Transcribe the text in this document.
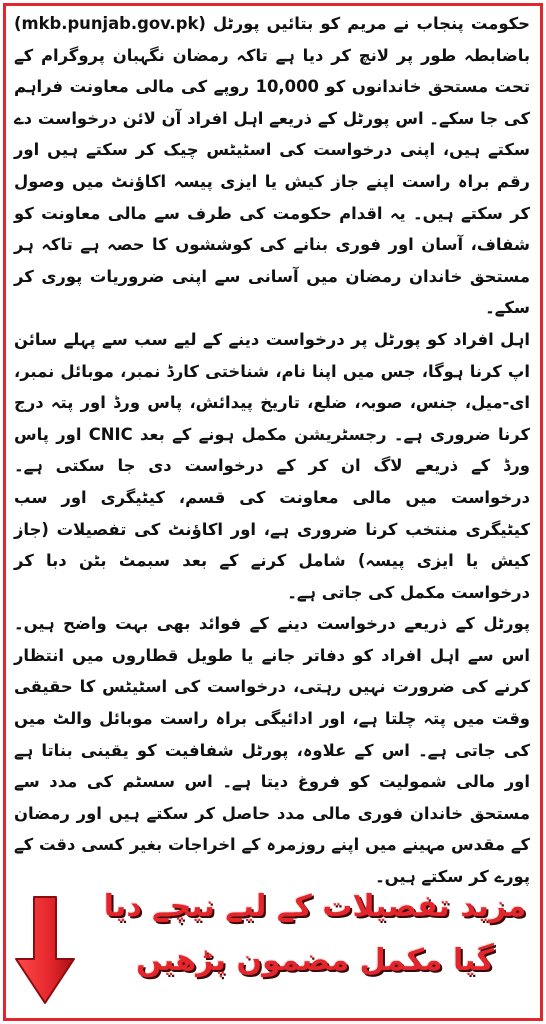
حکومت پنجاب نے مریم کو بتائیں پورٹل (mkb.punjab.gov.pk) باضابطہ طور پر لانچ کر دیا ہے تاکہ رمضان نگہبان پروگرام کے تحت مستحق خاندانوں کو 10,000 روپے کی مالی معاونت فراہم کی جا سکے۔ اس پورٹل کے ذریعے اہل افراد آن لائن درخواست دے سکتے ہیں، اپنی درخواست کی اسٹیٹس چیک کر سکتے ہیں اور رقم براہ راست اپنے جاز کیش یا ایزی پیسہ اکاؤنٹ میں وصول کر سکتے ہیں۔ یہ اقدام حکومت کی طرف سے مالی معاونت کو شفاف، آسان اور فوری بنانے کی کوششوں کا حصہ ہے تاکہ ہر مستحق خاندان رمضان میں آسانی سے اپنی ضروریات پوری کر سکے۔

اہل افراد کو پورٹل پر درخواست دینے کے لیے سب سے پہلے سائن اپ کرنا ہوگا، جس میں اپنا نام، شناختی کارڈ نمبر، موبائل نمبر، ای-میل، جنس، صوبہ، ضلع، تاریخ پیدائش، پاس ورڈ اور پتہ درج کرنا ضروری ہے۔ رجسٹریشن مکمل ہونے کے بعد CNIC اور پاس ورڈ کے ذریعے لاگ ان کر کے درخواست دی جا سکتی ہے۔ درخواست میں مالی معاونت کی قسم، کیٹیگری اور سب کیٹیگری منتخب کرنا ضروری ہے، اور اکاؤنٹ کی تفصیلات (جاز کیش یا ایزی پیسہ) شامل کرنے کے بعد سبمٹ بٹن دبا کر درخواست مکمل کی جاتی ہے۔

پورٹل کے ذریعے درخواست دینے کے فوائد بھی بہت واضح ہیں۔ اس سے اہل افراد کو دفاتر جانے یا طویل قطاروں میں انتظار کرنے کی ضرورت نہیں رہتی، درخواست کی اسٹیٹس کا حقیقی وقت میں پتہ چلتا ہے، اور ادائیگی براہ راست موبائل والٹ میں کی جاتی ہے۔ اس کے علاوہ، پورٹل شفافیت کو یقینی بناتا ہے اور مالی شمولیت کو فروغ دیتا ہے۔ اس سسٹم کی مدد سے مستحق خاندان فوری مالی مدد حاصل کر سکتے ہیں اور رمضان کے مقدس مہینے میں اپنے روزمرہ کے اخراجات بغیر کسی دقت کے پورے کر سکتے ہیں۔

مزید تفصیلات کے لیے نیچے دیا
گیا مکمل مضمون پڑھیں
